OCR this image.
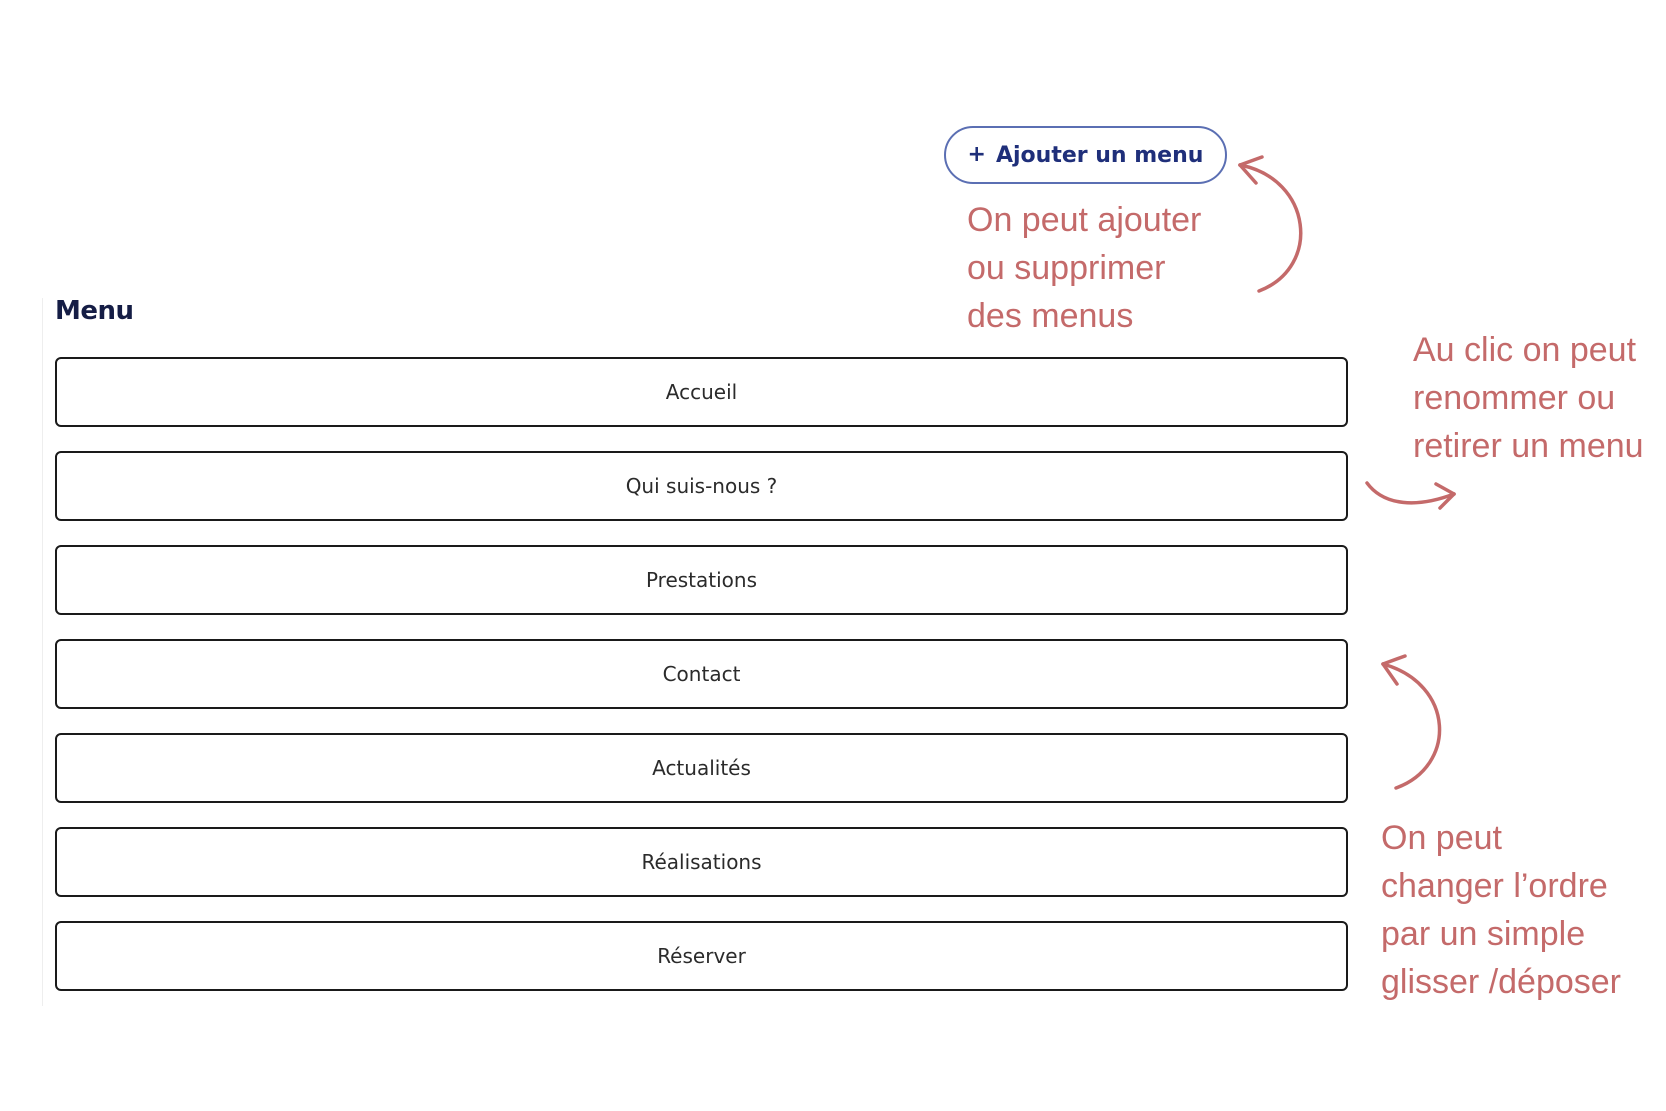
+ Ajouter un menu
Menu
Accueil
Qui suis-nous ?
Prestations
Contact
Actualités
Réalisations
Réserver
On peut ajouter
ou supprimer
des menus
Au clic on peut
renommer ou
retirer un menu
On peut
changer l’ordre
par un simple
glisser /déposer
